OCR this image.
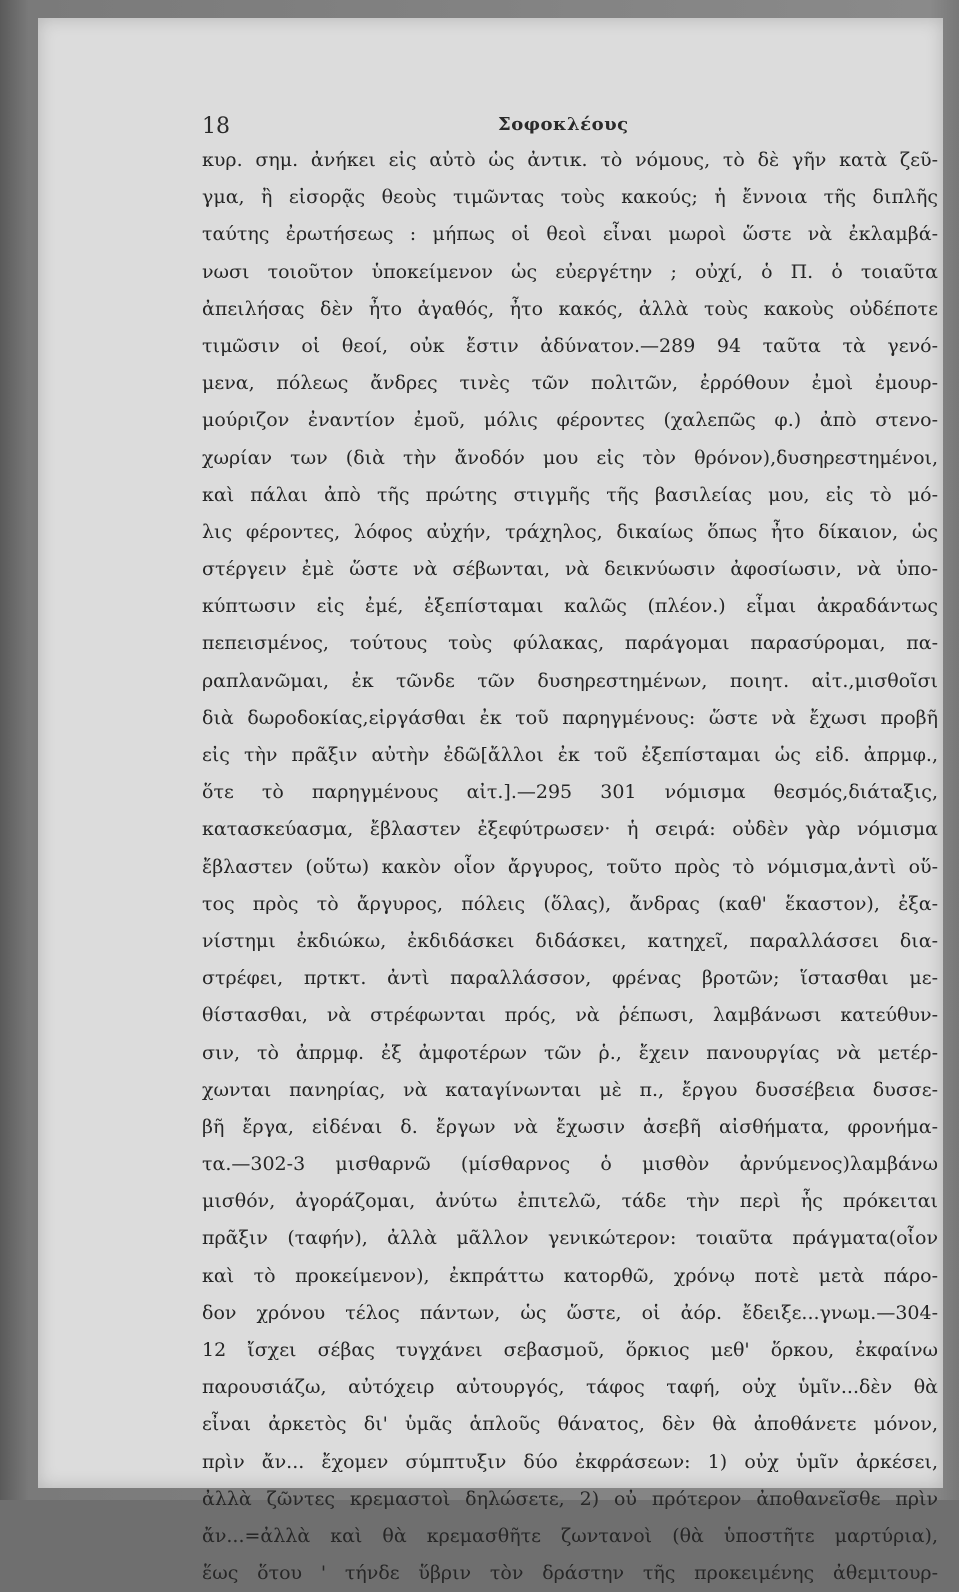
18	Σοφοκλέους
κυρ. σημ. ἀνήκει εἰς αὐτὸ ὡς ἀντικ. τὸ νόμους, τὸ δὲ γῆν κατὰ ζεῦ-
γμα, ἢ εἰσορᾷς θεοὺς τιμῶντας τοὺς κακούς; ἡ ἔννοια τῆς διπλῆς
ταύτης ἐρωτήσεως : μήπως οἱ θεοὶ εἶναι μωροὶ ὥστε νὰ ἐκλαμβά-
νωσι τοιοῦτον ὑποκείμενον ὡς εὐεργέτην ; οὐχί, ὁ Π. ὁ τοιαῦτα
ἀπειλήσας δὲν ἦτο ἀγαθός, ἦτο κακός, ἀλλὰ τοὺς κακοὺς οὐδέποτε
τιμῶσιν οἱ θεοί, οὐκ ἔστιν ἀδύνατον.—289 94 ταῦτα τὰ γενό-
μενα, πόλεως ἄνδρες τινὲς τῶν πολιτῶν, ἐρρόθουν ἐμοὶ ἐμουρ-
μούριζον ἐναντίον ἐμοῦ, μόλις φέροντες (χαλεπῶς φ.) ἀπὸ στενο-
χωρίαν των (διὰ τὴν ἄνοδόν μου εἰς τὸν θρόνον),δυσηρεστημένοι,
καὶ πάλαι ἀπὸ τῆς πρώτης στιγμῆς τῆς βασιλείας μου, εἰς τὸ μό-
λις φέροντες, λόφος αὐχήν, τράχηλος, δικαίως ὅπως ἦτο δίκαιον, ὡς
στέργειν ἐμὲ ὥστε νὰ σέβωνται, νὰ δεικνύωσιν ἀφοσίωσιν, νὰ ὑπο-
κύπτωσιν εἰς ἐμέ, ἐξεπίσταμαι καλῶς (πλέον.) εἶμαι ἀκραδάντως
πεπεισμένος, τούτους τοὺς φύλακας, παράγομαι παρασύρομαι, πα-
ραπλανῶμαι, ἐκ τῶνδε τῶν δυσηρεστημένων, ποιητ. αἰτ.,μισθοῖσι
διὰ δωροδοκίας,εἰργάσθαι ἐκ τοῦ παρηγμένους: ὥστε νὰ ἔχωσι προβῆ
εἰς τὴν πρᾶξιν αὐτὴν ἐδῶ[ἄλλοι ἐκ τοῦ ἐξεπίσταμαι ὡς εἰδ. ἀπρμφ.,
ὅτε τὸ παρηγμένους αἰτ.].—295 301 νόμισμα θεσμός,διάταξις,
κατασκεύασμα, ἔβλαστεν ἐξεφύτρωσεν· ἡ σειρά: οὐδὲν γὰρ νόμισμα
ἔβλαστεν (οὕτω) κακὸν οἷον ἄργυρος, τοῦτο πρὸς τὸ νόμισμα,ἀντὶ οὕ-
τος πρὸς τὸ ἄργυρος, πόλεις (ὅλας), ἄνδρας (καθ' ἕκαστον), ἐξα-
νίστημι ἐκδιώκω, ἐκδιδάσκει διδάσκει, κατηχεῖ, παραλλάσσει δια-
στρέφει, πρτκτ. ἀντὶ παραλλάσσον, φρένας βροτῶν; ἵστασθαι με-
θίστασθαι, νὰ στρέφωνται πρός, νὰ ῥέπωσι, λαμβάνωσι κατεύθυν-
σιν, τὸ ἀπρμφ. ἐξ ἀμφοτέρων τῶν ῥ., ἔχειν πανουργίας νὰ μετέρ-
χωνται πανηρίας, νὰ καταγίνωνται μὲ π., ἔργου δυσσέβεια δυσσε-
βῆ ἔργα, εἰδέναι δ. ἔργων νὰ ἔχωσιν ἀσεβῆ αἰσθήματα, φρονήμα-
τα.—302-3 μισθαρνῶ (μίσθαρνος ὁ μισθὸν ἀρνύμενος)λαμβάνω
μισθόν, ἀγοράζομαι, ἀνύτω ἐπιτελῶ, τάδε τὴν περὶ ἧς πρόκειται
πρᾶξιν (ταφήν), ἀλλὰ μᾶλλον γενικώτερον: τοιαῦτα πράγματα(οἷον
καὶ τὸ προκείμενον), ἐκπράττω κατορθῶ, χρόνῳ ποτὲ μετὰ πάρο-
δον χρόνου τέλος πάντων, ὡς ὥστε, οἱ ἀόρ. ἔδειξε...γνωμ.—304-
12 ἴσχει σέβας τυγχάνει σεβασμοῦ, ὅρκιος μεθ' ὅρκου, ἐκφαίνω
παρουσιάζω, αὐτόχειρ αὐτουργός, τάφος ταφή, οὐχ ὑμῖν...δὲν θὰ
εἶναι ἀρκετὸς δι' ὑμᾶς ἁπλοῦς θάνατος, δὲν θὰ ἀποθάνετε μόνον,
πρὶν ἄν... ἔχομεν σύμπτυξιν δύο ἐκφράσεων: 1) οὐχ ὑμῖν ἀρκέσει,
ἀλλὰ ζῶντες κρεμαστοὶ δηλώσετε, 2) οὐ πρότερον ἀποθανεῖσθε πρὶν
ἄν...=ἀλλὰ καὶ θὰ κρεμασθῆτε ζωντανοὶ (θὰ ὑποστῆτε μαρτύρια),
ἕως ὅτου ' τήνδε ὕβριν τὸν δράστην τῆς προκειμένης ἀθεμιτουρ-
